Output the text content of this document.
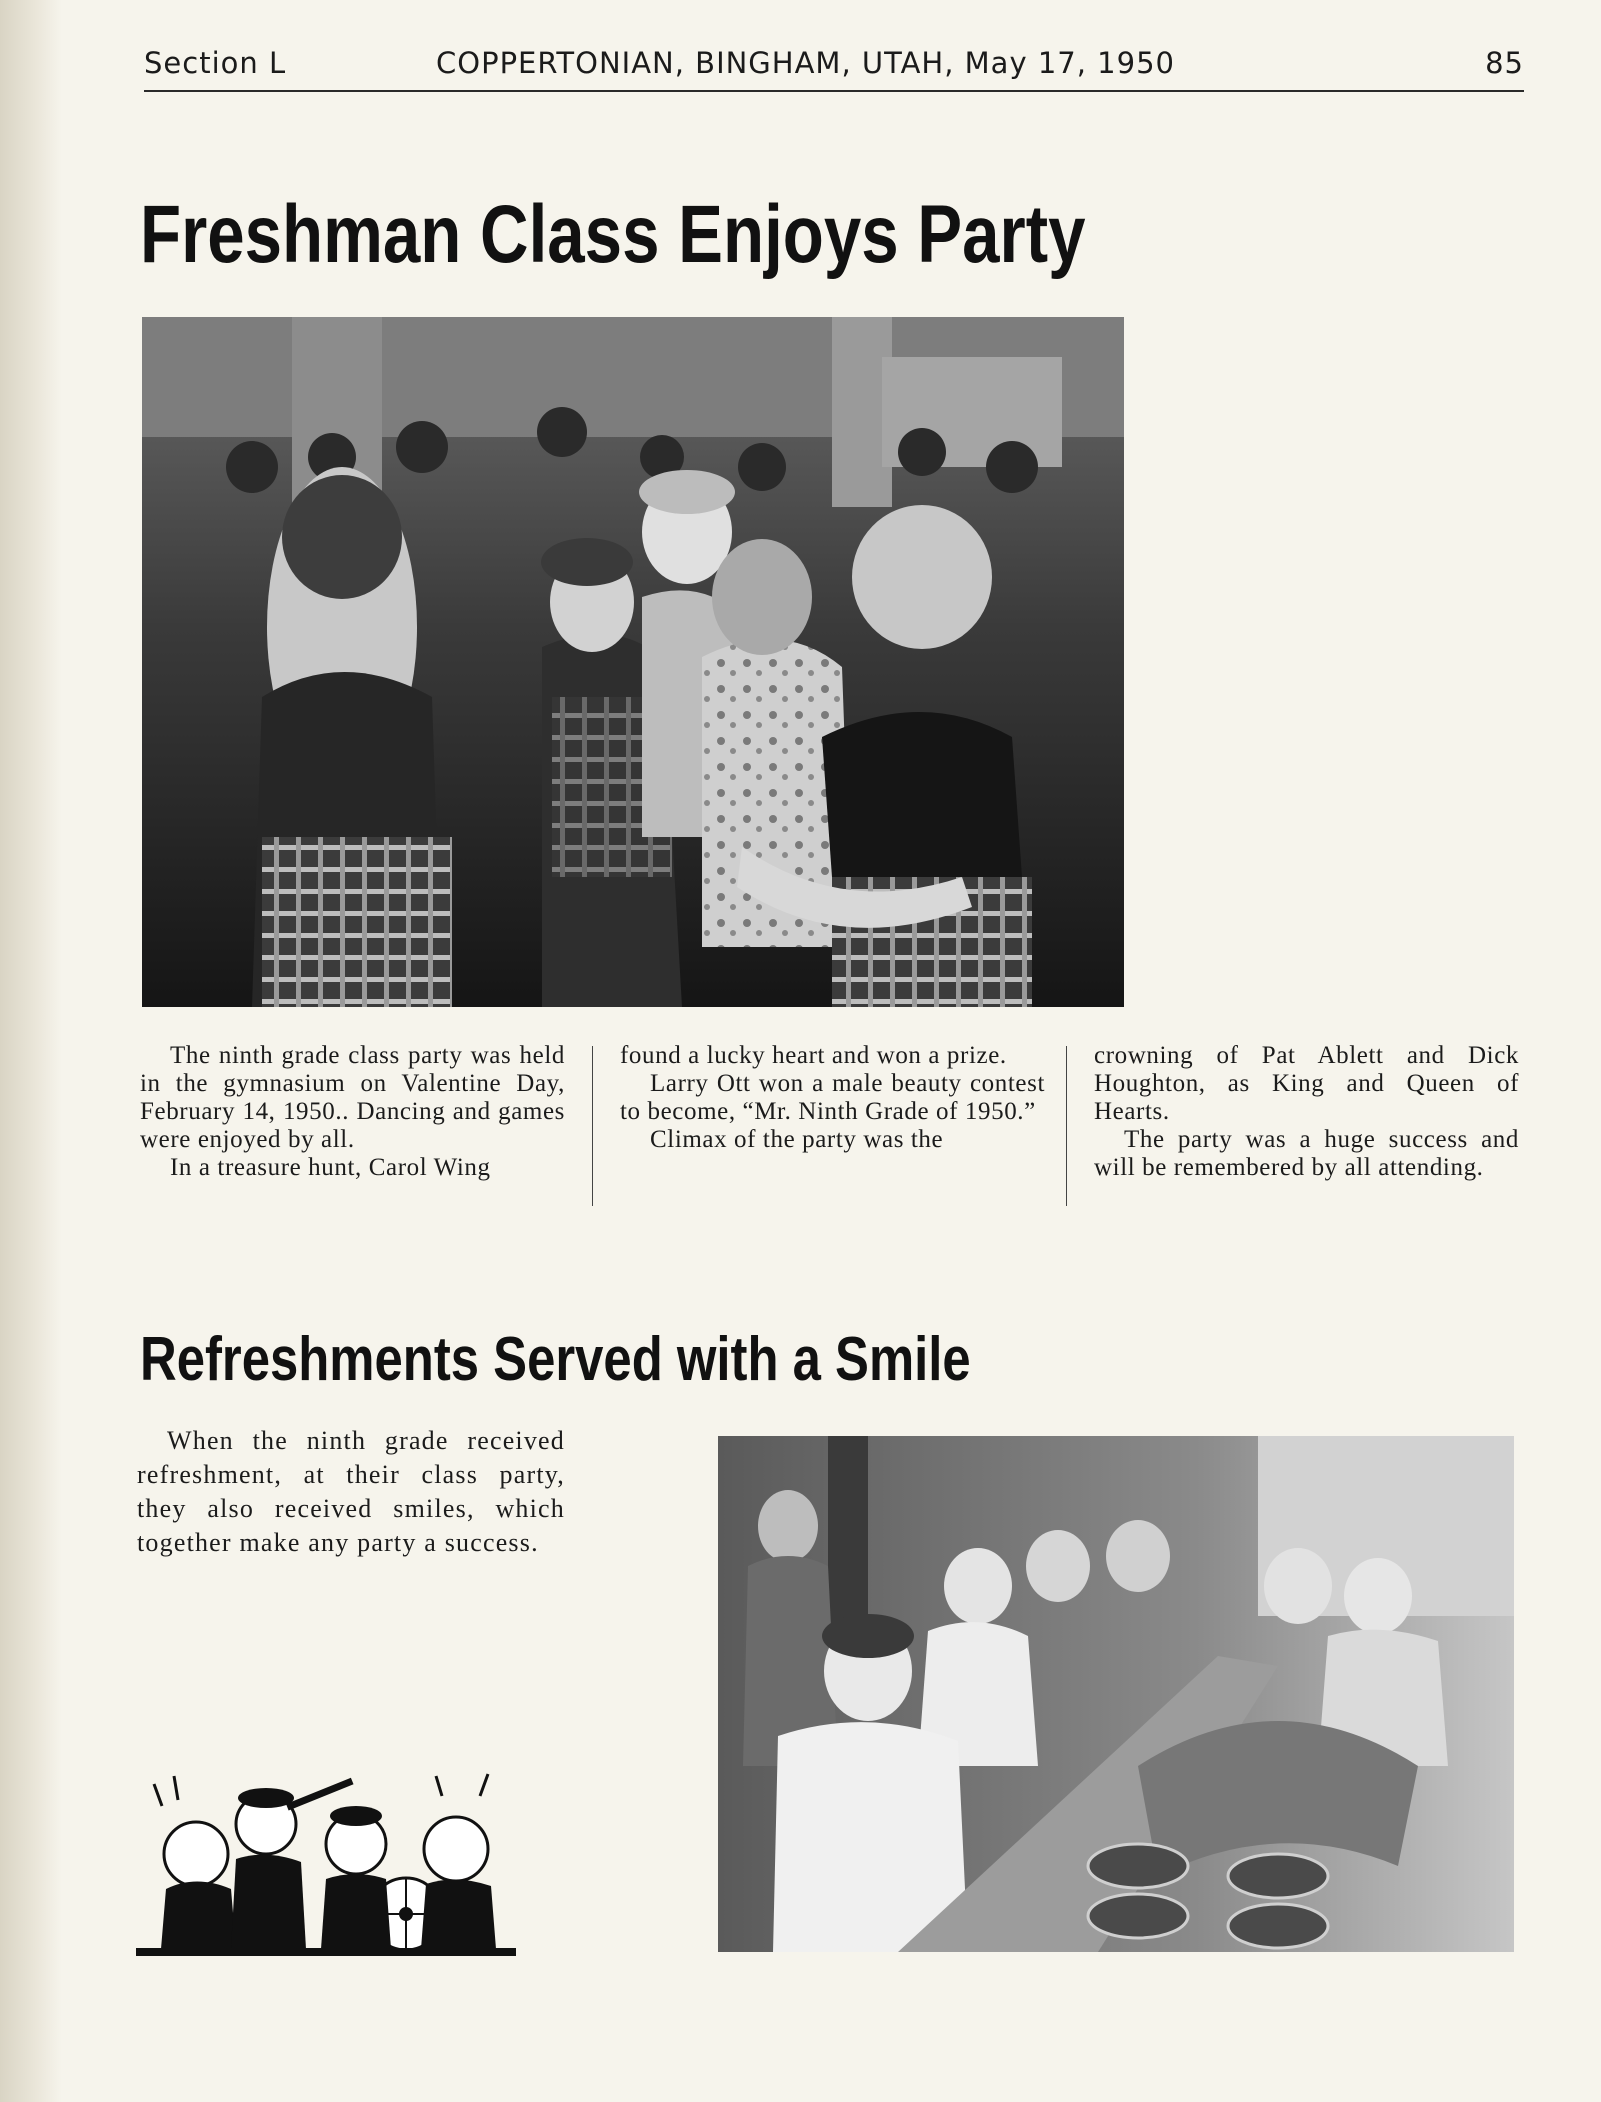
Section L	COPPERTONIAN, BINGHAM, UTAH, May 17, 1950	85
Freshman Class Enjoys Party

The ninth grade class party was held in the gymnasium on Valentine Day, February 14, 1950.. Dancing and games were enjoyed by all.

In a treasure hunt, Carol Wing

found a lucky heart and won a prize.

Larry Ott won a male beauty contest to become, “Mr. Ninth Grade of 1950.”

Climax of the party was the

crowning of Pat Ablett and Dick Houghton, as King and Queen of Hearts.

The party was a huge success and will be remembered by all attending.

Refreshments Served with a Smile

When the ninth grade received refreshment, at their class party, they also received smiles, which together make any party a success.
